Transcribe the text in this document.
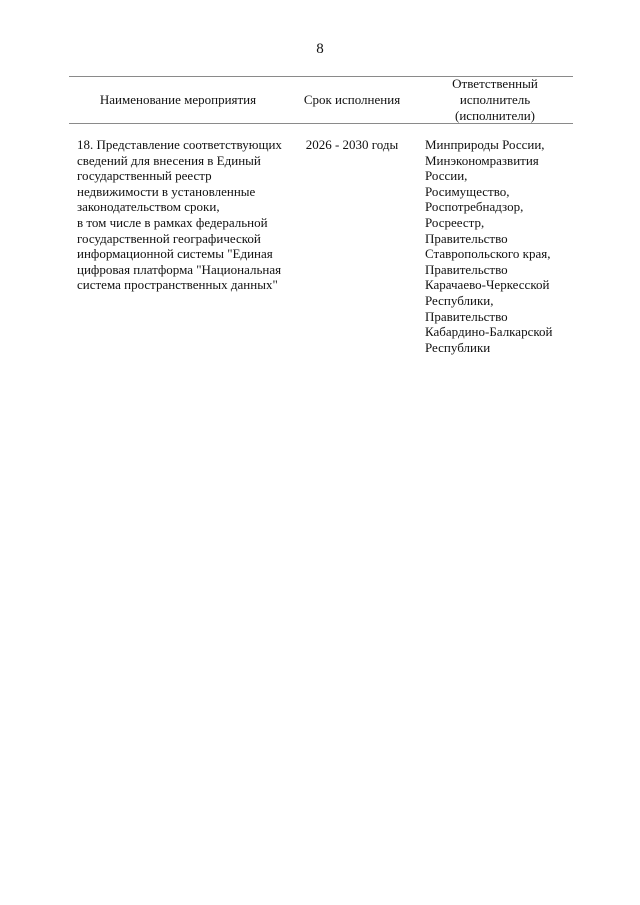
8
Наименование мероприятия	Срок исполнения
Ответственный
исполнитель
(исполнители)
18. Представление соответствующих
сведений для внесения в Единый
государственный реестр
недвижимости в установленные
законодательством сроки,
в том числе в рамках федеральной
государственной географической
информационной системы "Единая
цифровая платформа "Национальная
система пространственных данных"
2026 - 2030 годы	Минприроды России,
Минэкономразвития
России,
Росимущество,
Роспотребнадзор,
Росреестр,
Правительство
Ставропольского края,
Правительство
Карачаево-Черкесской
Республики,
Правительство
Кабардино-Балкарской
Республики
